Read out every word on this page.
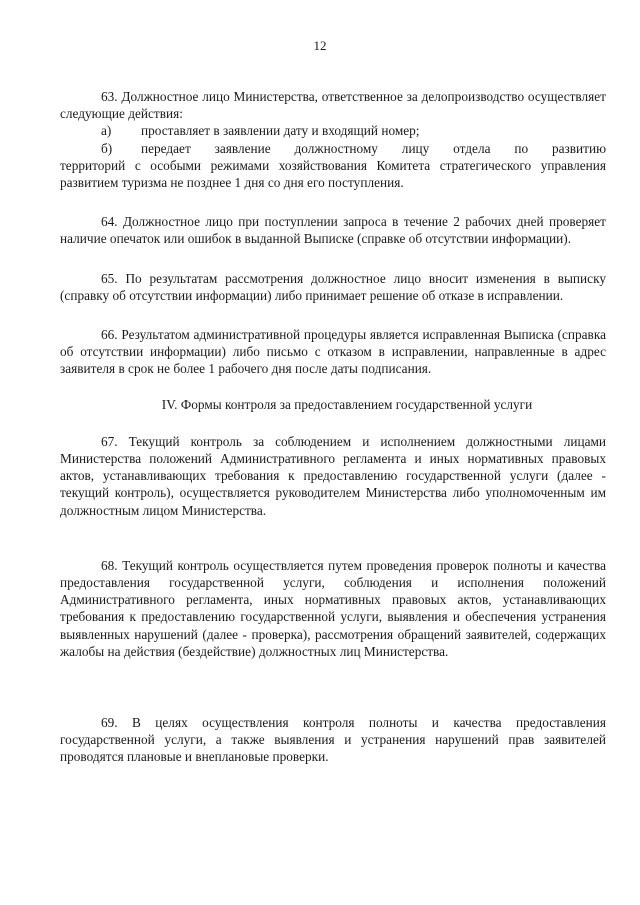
12

63. Должностное лицо Министерства, ответственное за делопроизводство осуществляет следующие действия:

а)	проставляет в заявлении дату и входящий номер;
б)	передает заявление должностному лицу отдела по развитию

территорий с особыми режимами хозяйствования Комитета стратегического управления развитием туризма не позднее 1 дня со дня его поступления.

64. Должностное лицо при поступлении запроса в течение 2 рабочих дней проверяет наличие опечаток или ошибок в выданной Выписке (справке об отсутствии информации).

65. По результатам рассмотрения должностное лицо вносит изменения в выписку (справку об отсутствии информации) либо принимает решение об отказе в исправлении.

66. Результатом административной процедуры является исправленная Выписка (справка об отсутствии информации) либо письмо с отказом в исправлении, направленные в адрес заявителя в срок не более 1 рабочего дня после даты подписания.

IV. Формы контроля за предоставлением государственной услуги

67. Текущий контроль за соблюдением и исполнением должностными лицами Министерства положений Административного регламента и иных нормативных правовых актов, устанавливающих требования к предоставлению государственной услуги (далее - текущий контроль), осуществляется руководителем Министерства либо уполномоченным им должностным лицом Министерства.

68. Текущий контроль осуществляется путем проведения проверок полноты и качества предоставления государственной услуги, соблюдения и исполнения положений Административного регламента, иных нормативных правовых актов, устанавливающих требования к предоставлению государственной услуги, выявления и обеспечения устранения выявленных нарушений (далее - проверка), рассмотрения обращений заявителей, содержащих жалобы на действия (бездействие) должностных лиц Министерства.

69. В целях осуществления контроля полноты и качества предоставления государственной услуги, а также выявления и устранения нарушений прав заявителей проводятся плановые и внеплановые проверки.
